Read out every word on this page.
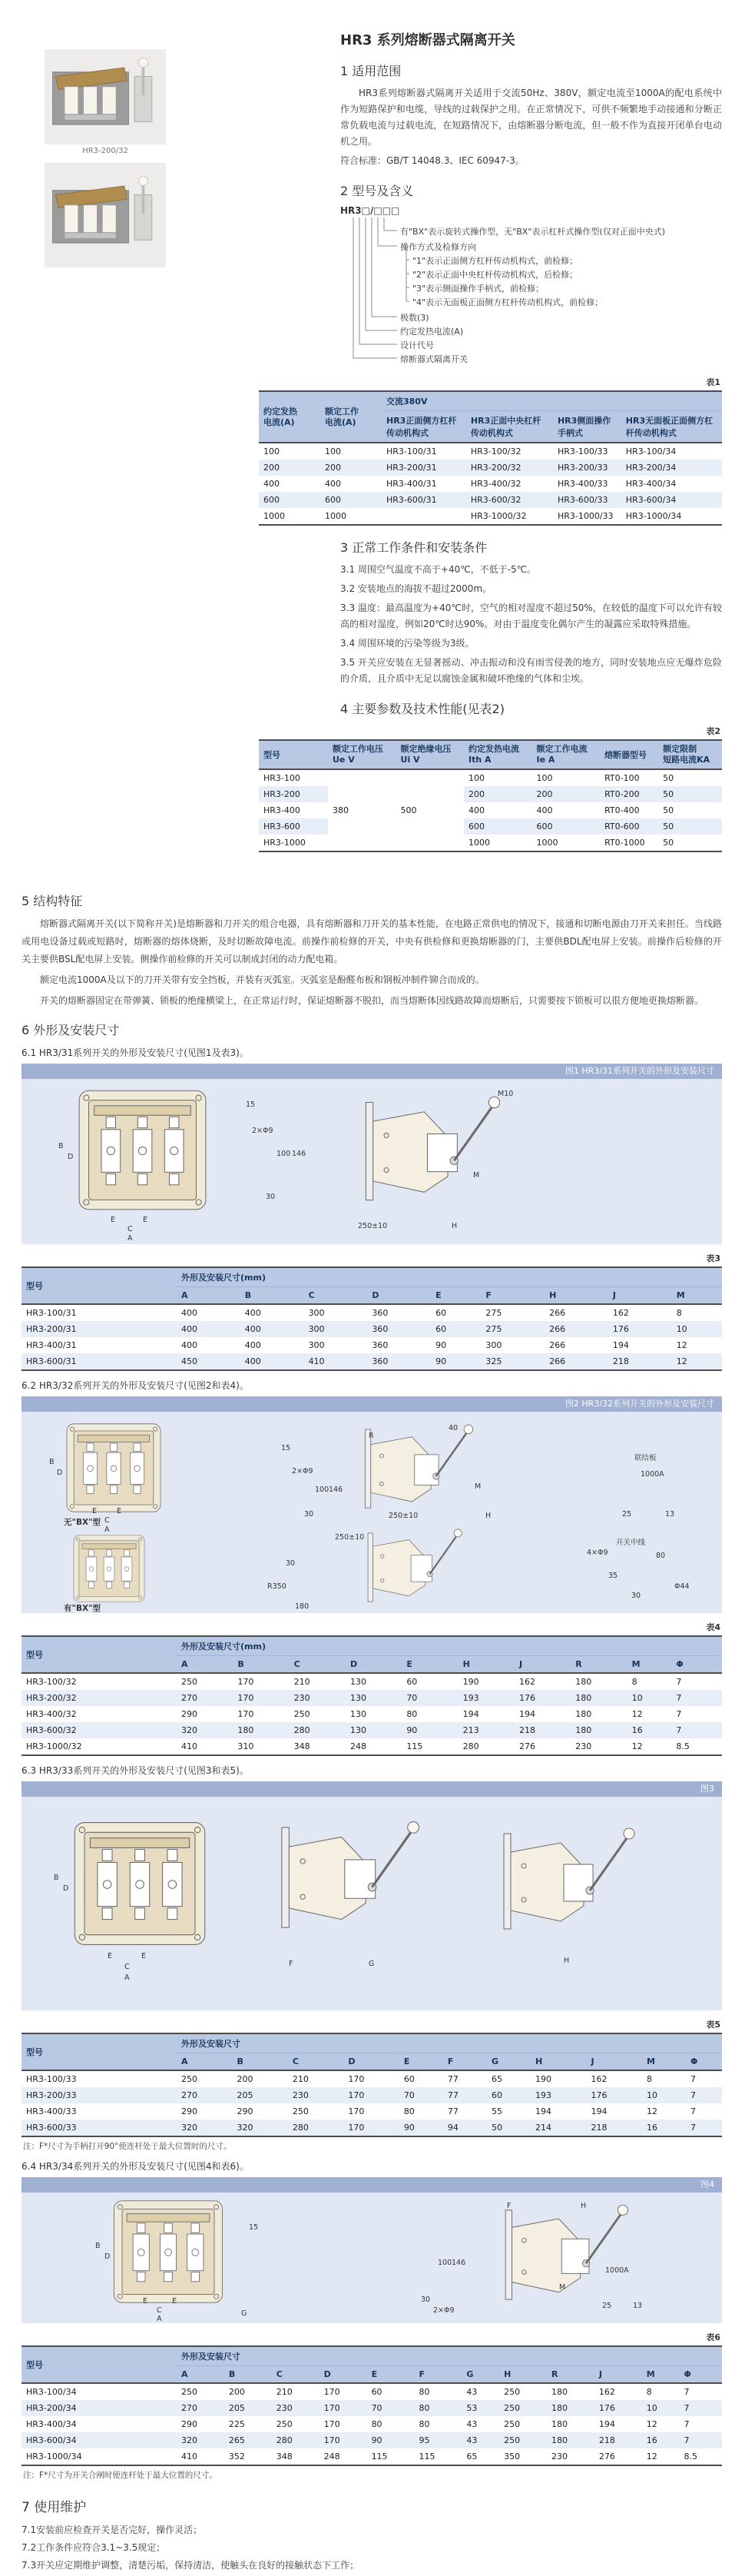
HR3-200/32
HR3 系列熔断器式隔离开关
1 适用范围

HR3系列熔断器式隔离开关适用于交流50Hz、380V，额定电流至1000A的配电系统中作为短路保护和电缆，导线的过载保护之用。在正常情况下，可供不频繁地手动接通和分断正常负载电流与过载电流，在短路情况下，由熔断器分断电流，但一般不作为直接开闭单台电动机之用。

符合标准：GB/T 14048.3、IEC 60947-3。

2 型号及含义
HR3□/□□□
有"BX"表示旋转式操作型，无"BX"表示杠杆式操作型(仅对正面中央式)
操作方式及检修方向
"1"表示正面侧方杠杆传动机构式，前检修；
"2"表示正面中央杠杆传动机构式，后检修；
"3"表示侧面操作手柄式，前检修；
"4"表示无面板正面侧方杠杆传动机构式，前检修；
极数(3)
约定发热电流(A)
设计代号
熔断器式隔离开关
表1
约定发热
电流(A)

额定工作
电流(A)
	交流380V
		HR3正面侧方杠杆传动机构式	HR3正面中央杠杆传动机构式	HR3侧面操作手柄式	HR3无面板正面侧方杠杆传动机构式
100	100	HR3-100/31	HR3-100/32	HR3-100/33	HR3-100/34
200	200	HR3-200/31	HR3-200/32	HR3-200/33	HR3-200/34
400	400	HR3-400/31	HR3-400/32	HR3-400/33	HR3-400/34
600	600	HR3-600/31	HR3-600/32	HR3-600/33	HR3-600/34
1000	1000		HR3-1000/32	HR3-1000/33	HR3-1000/34
3 正常工作条件和安装条件

3.1 周围空气温度不高于+40℃，不低于-5℃。

3.2 安装地点的海拔不超过2000m。

3.3 温度：最高温度为+40℃时，空气的相对湿度不超过50%，在较低的温度下可以允许有较高的相对湿度，例如20℃时达90%。对由于温度变化偶尔产生的凝露应采取特殊措施。

3.4 周围环境的污染等级为3级。

3.5 开关应安装在无显著摇动、冲击振动和没有雨雪侵袭的地方，同时安装地点应无爆炸危险的介质，且介质中无足以腐蚀金属和破坏绝缘的气体和尘埃。

4 主要参数及技术性能(见表2)
表2
型号	
额定工作电压
Ue V

额定绝缘电压
Ui V

约定发热电流
Ith A

额定工作电流
Ie A	熔断器型号	
额定限制
短路电流KA

HR3-100	380	500	100	100	RT0-100	50
HR3-200			200	200	RT0-200	50
HR3-400			400	400	RT0-400	50
HR3-600			600	600	RT0-600	50
HR3-1000			1000	1000	RT0-1000	50
5 结构特征

熔断器式隔离开关(以下简称开关)是熔断器和刀开关的组合电器，具有熔断器和刀开关的基本性能，在电路正常供电的情况下，接通和切断电源由刀开关来担任。当线路或用电设备过载或短路时，熔断器的熔体烧断，及时切断故障电流。前操作前检修的开关，中央有供检修和更换熔断器的门，主要供BDL配电屏上安装。前操作后检修的开关主要供BSL配电屏上安装。侧操作前检修的开关可以制成封闭的动力配电箱。

额定电流1000A及以下的刀开关带有安全挡板，并装有灭弧室。灭弧室是酚醛布板和钢板冲制件铆合而成的。

开关的熔断器固定在带弹簧、锁板的绝缘横梁上，在正常运行时，保证熔断器不脱扣，而当熔断体因线路故障而熔断后，只需要按下锁板可以很方便地更换熔断器。

6 外形及安装尺寸
6.1 HR3/31系列开关的外形及安装尺寸(见图1及表3)。
图1 HR3/31系列开关的外形及安装尺寸
M10
B
D
E	E
C
A
15
2×Φ9
100 146
30
250±10	H
M
表3
型号	外形及安装尺寸(mm)								
	A	B	C	D	E	F	H	J	M
HR3-100/31	400	400	300	360	60	275	266	162	8
HR3-200/31	400	400	300	360	60	275	266	176	10
HR3-400/31	400	400	300	360	90	300	266	194	12
HR3-600/31	450	400	410	360	90	325	266	218	12
6.2 HR3/32系列开关的外形及安装尺寸(见图2和表4)。
图2 HR3/32系列开关的外形及安装尺寸
无"BX"型
有"BX"型
B
D
E	E
C
A
15
R
40
2×Φ9
100 146
30	250±10	H
M
联结板
1000A
25	13
开关中线
4×Φ9	80
35
30
Φ44
R350
180
250±10
30
表4
型号	外形及安装尺寸(mm)									
	A	B	C	D	E	H	J	R	M	Φ
HR3-100/32	250	170	210	130	60	190	162	180	8	7
HR3-200/32	270	170	230	130	70	193	176	180	10	7
HR3-400/32	290	170	250	130	80	194	194	180	12	7
HR3-600/32	320	180	280	130	90	213	218	180	16	7
HR3-1000/32	410	310	348	248	115	280	276	230	12	8.5
6.3 HR3/33系列开关的外形及安装尺寸(见图3和表5)。
图3
B
D
E	E
C
A
F	G	H
表5
型号	外形及安装尺寸										
	A	B	C	D	E	F	G	H	J	M	Φ
HR3-100/33	250	200	210	170	60	77	65	190	162	8	7
HR3-200/33	270	205	230	170	70	77	60	193	176	10	7
HR3-400/33	290	290	250	170	80	77	55	194	194	12	7
HR3-600/33	320	320	280	170	90	94	50	214	218	16	7
注：F*尺寸为手柄打开90°使连杆处于最大位置时的尺寸。
6.4 HR3/34系列开关的外形及安装尺寸(见图4和表6)。
图4
B
D
E	E
C
A
G
15
F	H
M
1000A
100 146
30
2×Φ9
25	13
表6
型号	外形及安装尺寸											
	A	B	C	D	E	F	G	H	R	J	M	Φ
HR3-100/34	250	200	210	170	60	80	43	250	180	162	8	7
HR3-200/34	270	205	230	170	70	80	53	250	180	176	10	7
HR3-400/34	290	225	250	170	80	80	43	250	180	194	12	7
HR3-600/34	320	265	280	170	90	95	43	250	180	218	16	7
HR3-1000/34	410	352	348	248	115	115	65	350	230	276	12	8.5
注：F*尺寸为开关合闸时使连杆处于最大位置的尺寸。
7 使用维护

7.1安装前应检查开关是否完好，操作灵活；

7.2工作条件应符合3.1~3.5规定；

7.3开关应定期维护调整，清楚污垢，保持清洁，使触头在良好的接触状态下工作；
